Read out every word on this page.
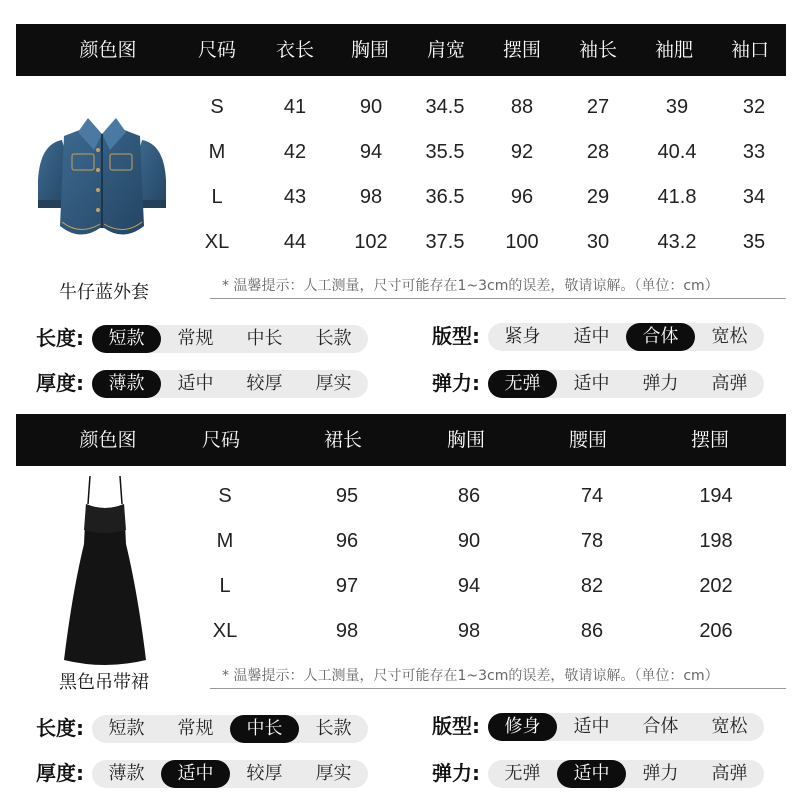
颜色图	尺码 衣长 胸围 肩宽 摆围 袖长 袖肥 袖口
牛仔蓝外套
S	41	90 34.5 88	27	39	32
M	42	94 35.5 92	28 40.4 33
L	43	98 36.5 96	29 41.8 34
XL	44 102 37.5 100 30 43.2 35
* 温馨提示：人工测量，尺寸可能存在1~3cm的误差，敬请谅解。（单位：cm）
长度:	短款	常规	中长	长款	版型:	紧身	适中	合体	宽松
厚度:	薄款	适中	较厚	厚实	弹力:	无弹	适中	弹力	高弹
颜色图	尺码	裙长	胸围	腰围	摆围
黑色吊带裙
S	95	86	74	194
M	96	90	78	198
L	97	94	82	202
XL	98	98	86	206
* 温馨提示：人工测量，尺寸可能存在1~3cm的误差，敬请谅解。（单位：cm）
长度:	短款	常规	中长	长款	版型:	修身	适中	合体	宽松
厚度:	薄款	适中	较厚	厚实	弹力:	无弹	适中	弹力	高弹
